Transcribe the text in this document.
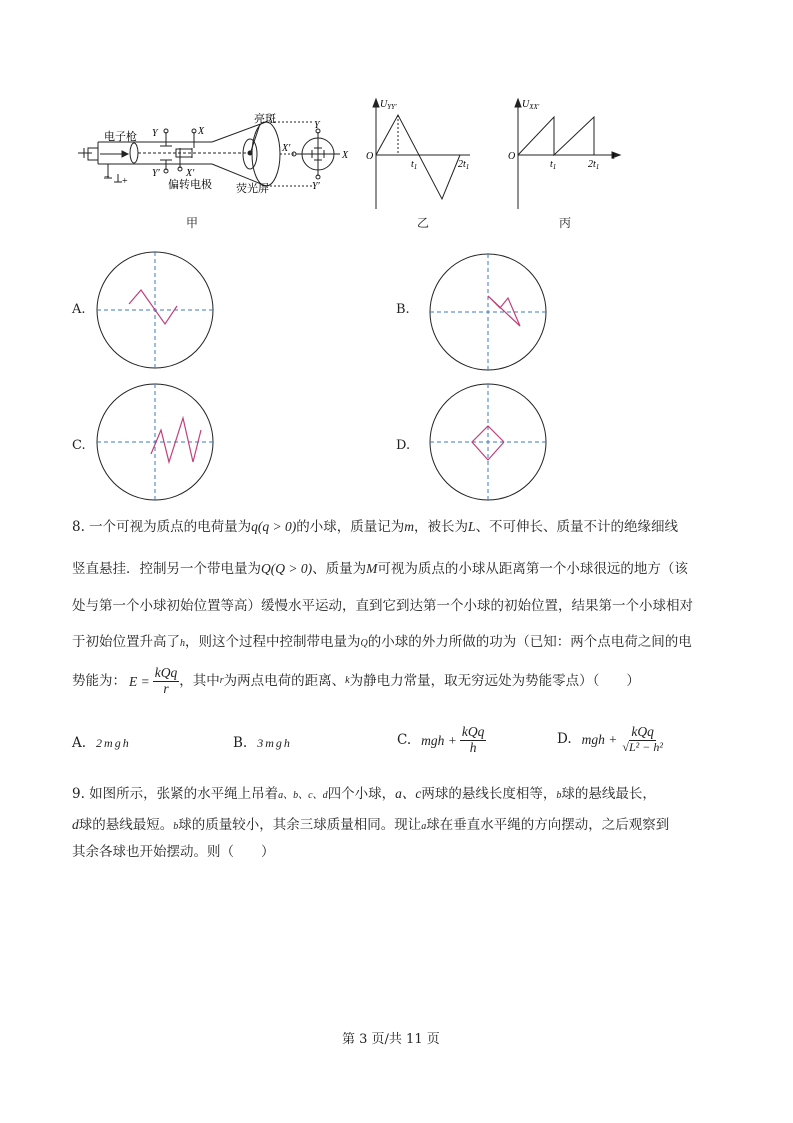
电子枪 Y
Y′
X
X′
偏转电极
亮斑
荧光屏
Y
Y′
X
X′
− +
甲
$U_{YY'}$
O
$t_1$	$2t_1$
乙
$U_{XX'}$
O
$t_1$	$2t_1$
t
丙
A.	B.
C.	D.
8. 一个可视为质点的电荷量为q(q > 0)的小球，质量记为m，被长为L、不可伸长、质量不计的绝缘细线
竖直悬挂．控制另一个带电量为Q(Q > 0)、质量为M可视为质点的小球从距离第一个小球很远的地方（该
处与第一个小球初始位置等高）缓慢水平运动，直到它到达第一个小球的初始位置，结果第一个小球相对
于初始位置升高了h，则这个过程中控制带电量为Q的小球的外力所做的功为（已知：两个点电荷之间的电
势能为： $E = \frac{\text{kQq}}{r}$ ，其中 r 为两点电荷的距离、 k 为静电力常量，取无穷远处为势能零点）（　　）
A. 2mgh	B. 3mgh	C. mgh + $\frac{\text{kQq}}{h}$	D. mgh + $\frac{\text{kQq}}{\text{√L² − h²}}$
9. 如图所示，张紧的水平绳上吊着a、b、c、d四个小球，a、c两球的悬线长度相等，b球的悬线最长，
d球的悬线最短。b球的质量较小，其余三球质量相同。现让a球在垂直水平绳的方向摆动，之后观察到
其余各球也开始摆动。则（　　）
第 3 页/共 11 页
